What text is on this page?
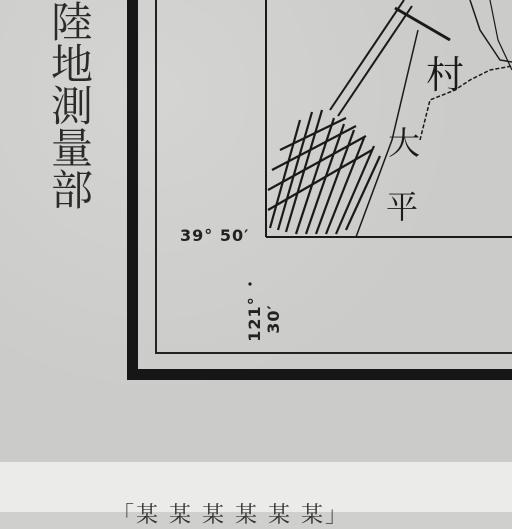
陸地測量部
39° 50′
121° 30′
村
大
平
「某 某 某 某 某 某」
